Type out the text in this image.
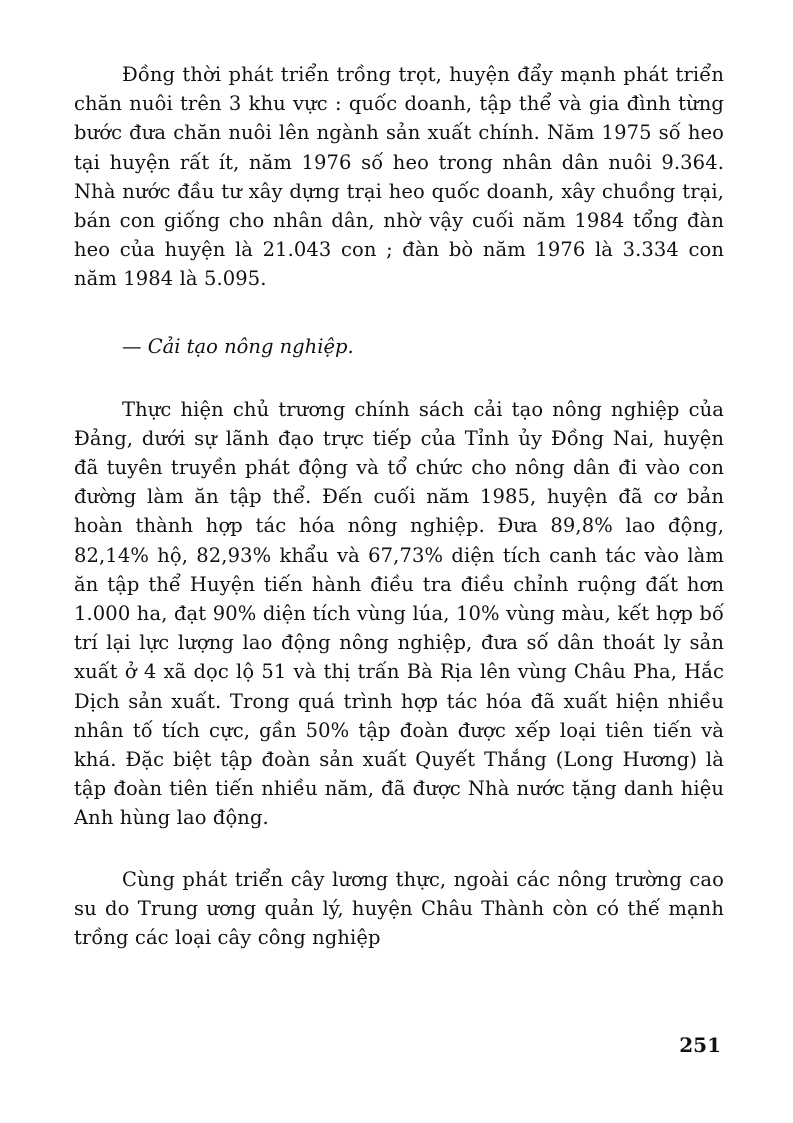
Đồng thời phát triển trồng trọt, huyện đẩy mạnh phát triển chăn nuôi trên 3 khu vực : quốc doanh, tập thể và gia đình từng bước đưa chăn nuôi lên ngành sản xuất chính. Năm 1975 số heo tại huyện rất ít, năm 1976 số heo trong nhân dân nuôi 9.364. Nhà nước đầu tư xây dựng trại heo quốc doanh, xây chuồng trại, bán con giống cho nhân dân, nhờ vậy cuối năm 1984 tổng đàn heo của huyện là 21.043 con ; đàn bò năm 1976 là 3.334 con năm 1984 là 5.095.

— Cải tạo nông nghiệp.

Thực hiện chủ trương chính sách cải tạo nông nghiệp của Đảng, dưới sự lãnh đạo trực tiếp của Tỉnh ủy Đồng Nai, huyện đã tuyên truyền phát động và tổ chức cho nông dân đi vào con đường làm ăn tập thể. Đến cuối năm 1985, huyện đã cơ bản hoàn thành hợp tác hóa nông nghiệp. Đưa 89,8% lao động, 82,14% hộ, 82,93% khẩu và 67,73% diện tích canh tác vào làm ăn tập thể Huyện tiến hành điều tra điều chỉnh ruộng đất hơn 1.000 ha, đạt 90% diện tích vùng lúa, 10% vùng màu, kết hợp bố trí lại lực lượng lao động nông nghiệp, đưa số dân thoát ly sản xuất ở 4 xã dọc lộ 51 và thị trấn Bà Rịa lên vùng Châu Pha, Hắc Dịch sản xuất. Trong quá trình hợp tác hóa đã xuất hiện nhiều nhân tố tích cực, gần 50% tập đoàn được xếp loại tiên tiến và khá. Đặc biệt tập đoàn sản xuất Quyết Thắng (Long Hương) là tập đoàn tiên tiến nhiều năm, đã được Nhà nước tặng danh hiệu Anh hùng lao động.

Cùng phát triển cây lương thực, ngoài các nông trường cao su do Trung ương quản lý, huyện Châu Thành còn có thế mạnh trồng các loại cây công nghiệp

251
